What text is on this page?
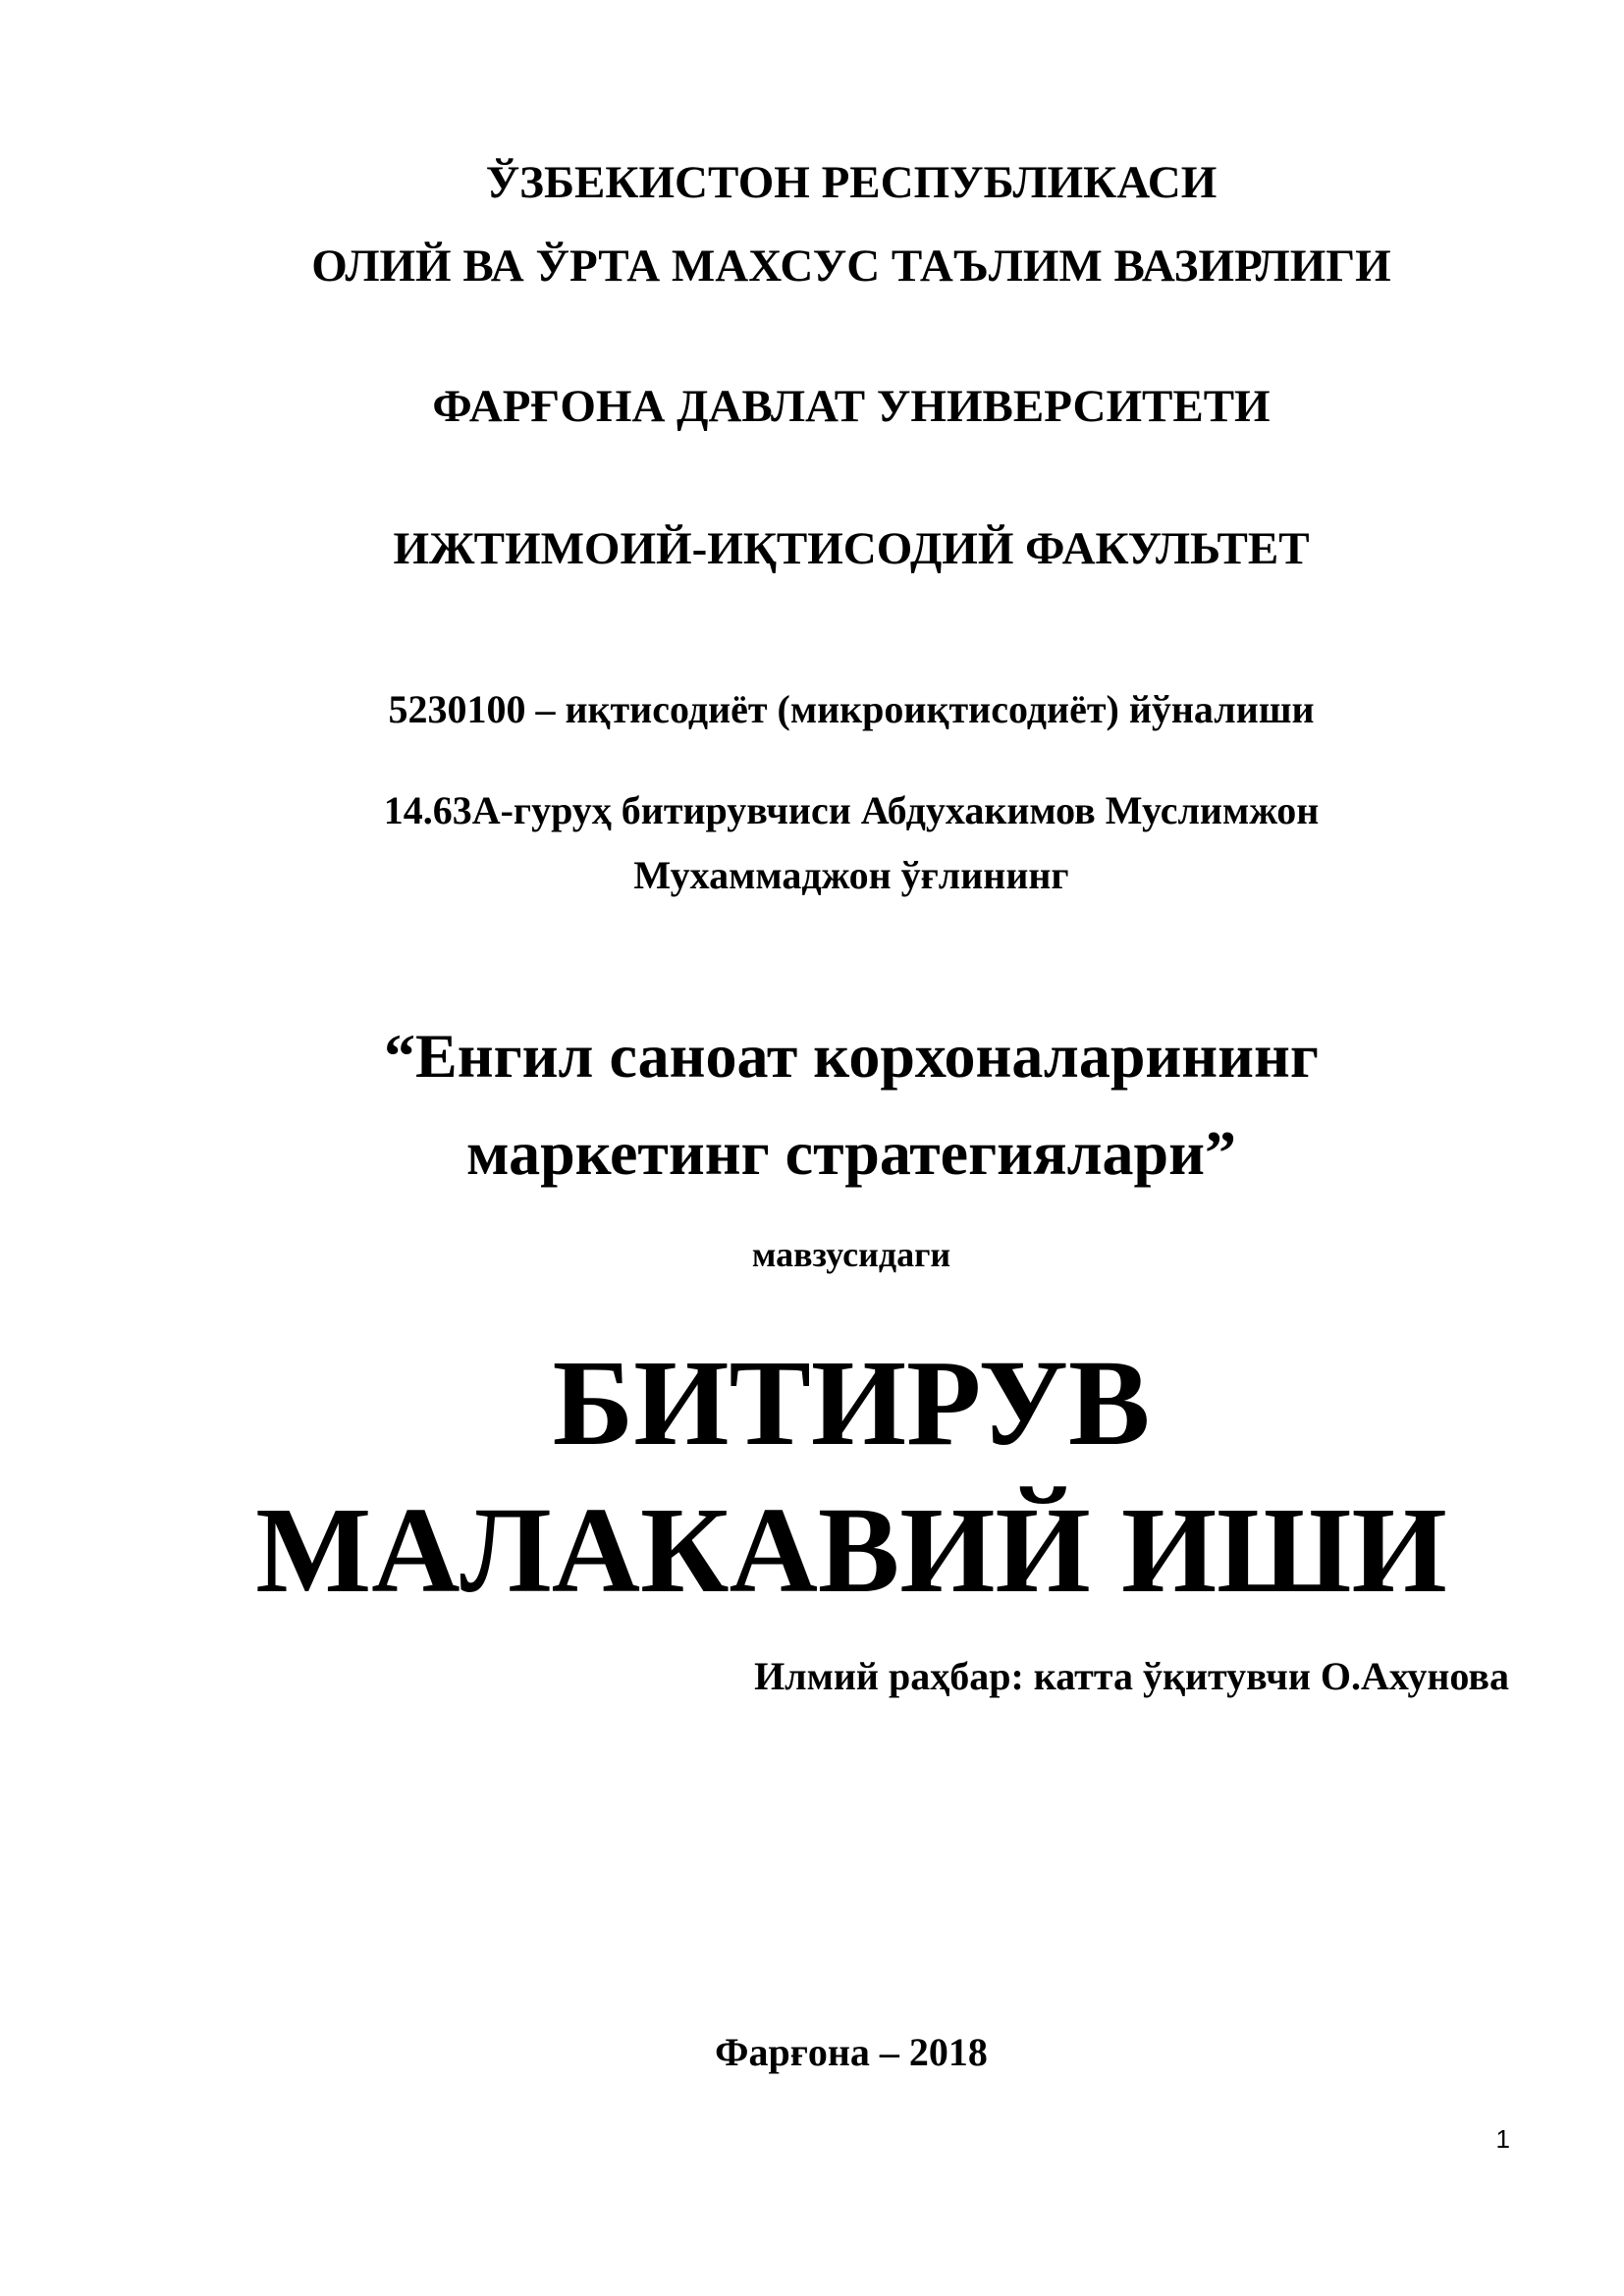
ЎЗБЕКИСТОН РЕСПУБЛИКАСИ

ОЛИЙ ВА ЎРТА МАХСУС ТАЪЛИМ ВАЗИРЛИГИ

ФАРҒОНА ДАВЛАТ УНИВЕРСИТЕТИ

ИЖТИМОИЙ-ИҚТИСОДИЙ ФАКУЛЬТЕТ

5230100 – иқтисодиёт (микроиқтисодиёт) йўналиши

14.63А-гуруҳ битирувчиси Абдухакимов Муслимжон

Мухаммаджон ўғлининг

“Енгил саноат корхоналарининг

маркетинг стратегиялари”

мавзусидаги

БИТИРУВ

МАЛАКАВИЙ ИШИ

Илмий раҳбар: катта ўқитувчи О.Ахунова

Фарғона – 2018

1
